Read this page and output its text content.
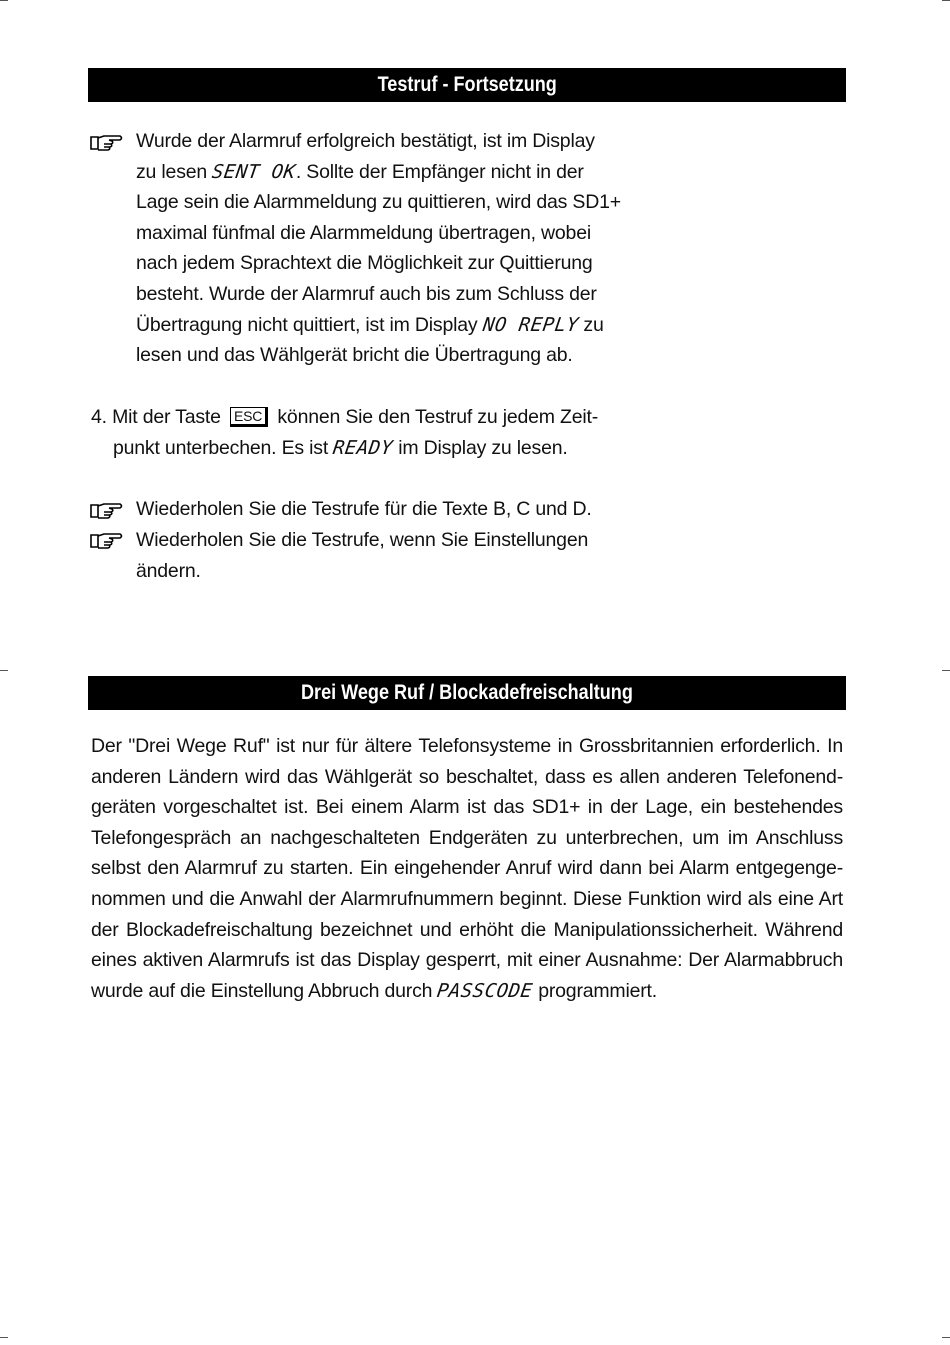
Testruf - Fortsetzung
Wurde der Alarmruf erfolgreich bestätigt, ist im Display
zu lesen SENT OK. Sollte der Empfänger nicht in der
Lage sein die Alarmmeldung zu quittieren, wird das SD1+
maximal fünfmal die Alarmmeldung übertragen, wobei
nach jedem Sprachtext die Möglichkeit zur Quittierung
besteht. Wurde der Alarmruf auch bis zum Schluss der
Übertragung nicht quittiert, ist im Display NO REPLY zu
lesen und das Wählgerät bricht die Übertragung ab.
4. Mit der Taste ESC können Sie den Testruf zu jedem Zeit-
punkt unterbechen. Es ist READY im Display zu lesen.
Wiederholen Sie die Testrufe für die Texte B, C und D.
Wiederholen Sie die Testrufe, wenn Sie Einstellungen
ändern.
Drei Wege Ruf / Blockadefreischaltung
Der "Drei Wege Ruf" ist nur für ältere Telefonsysteme in Grossbritannien erforderlich. In
anderen Ländern wird das Wählgerät so beschaltet, dass es allen anderen Telefonend-
geräten vorgeschaltet ist. Bei einem Alarm ist das SD1+ in der Lage, ein bestehendes
Telefongespräch an nachgeschalteten Endgeräten zu unterbrechen, um im Anschluss
selbst den Alarmruf zu starten. Ein eingehender Anruf wird dann bei Alarm entgegenge-
nommen und die Anwahl der Alarmrufnummern beginnt. Diese Funktion wird als eine Art
der Blockadefreischaltung bezeichnet und erhöht die Manipulationssicherheit. Während
eines aktiven Alarmrufs ist das Display gesperrt, mit einer Ausnahme: Der Alarmabbruch
wurde auf die Einstellung Abbruch durch PASSCODE programmiert.
